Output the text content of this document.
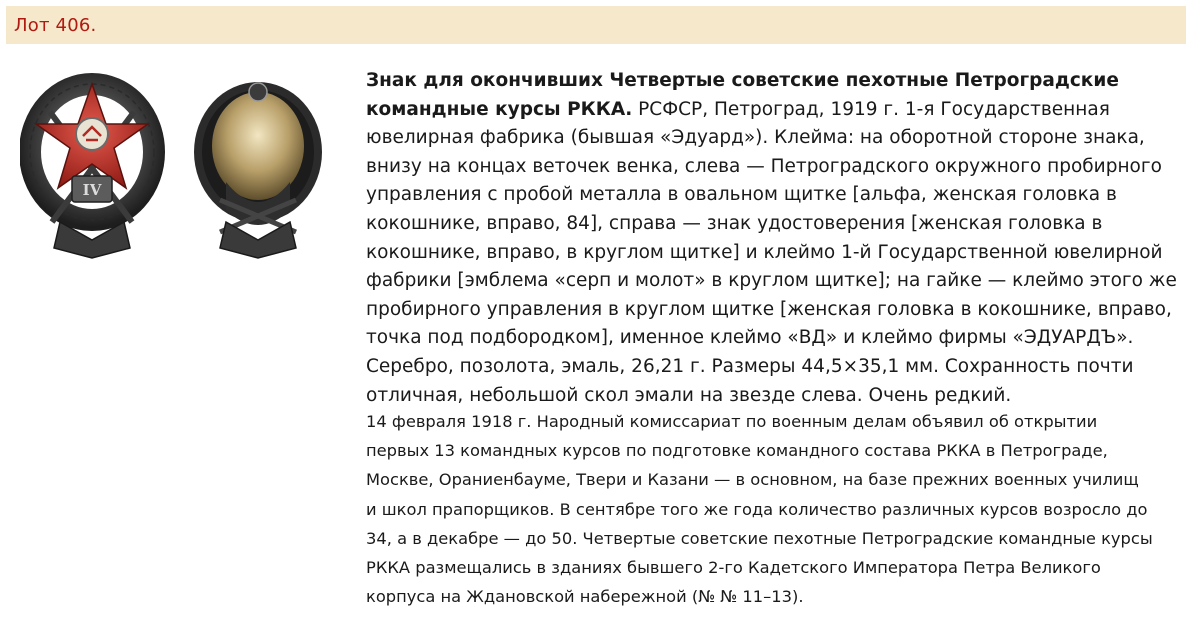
Лот 406.
IV
Знак для окончивших Четвертые советские пехотные Петроградские
командные курсы РККА. РСФСР, Петроград, 1919 г. 1-я Государственная
ювелирная фабрика (бывшая «Эдуард»). Клейма: на оборотной стороне знака,
внизу на концах веточек венка, слева — Петроградского окружного пробирного
управления с пробой металла в овальном щитке [альфа, женская головка в
кокошнике, вправо, 84], справа — знак удостоверения [женская головка в
кокошнике, вправо, в круглом щитке] и клеймо 1-й Государственной ювелирной
фабрики [эмблема «серп и молот» в круглом щитке]; на гайке — клеймо этого же
пробирного управления в круглом щитке [женская головка в кокошнике, вправо,
точка под подбородком], именное клеймо «ВД» и клеймо фирмы «ЭДУАРДЪ».
Серебро, позолота, эмаль, 26,21 г. Размеры 44,5×35,1 мм. Сохранность почти
отличная, небольшой скол эмали на звезде слева. Очень редкий.
14 февраля 1918 г. Народный комиссариат по военным делам объявил об открытии
первых 13 командных курсов по подготовке командного состава РККА в Петрограде,
Москве, Ораниенбауме, Твери и Казани — в основном, на базе прежних военных училищ
и школ прапорщиков. В сентябре того же года количество различных курсов возросло до
34, а в декабре — до 50. Четвертые советские пехотные Петроградские командные курсы
РККА размещались в зданиях бывшего 2-го Кадетского Императора Петра Великого
корпуса на Ждановской набережной (№ № 11–13).
